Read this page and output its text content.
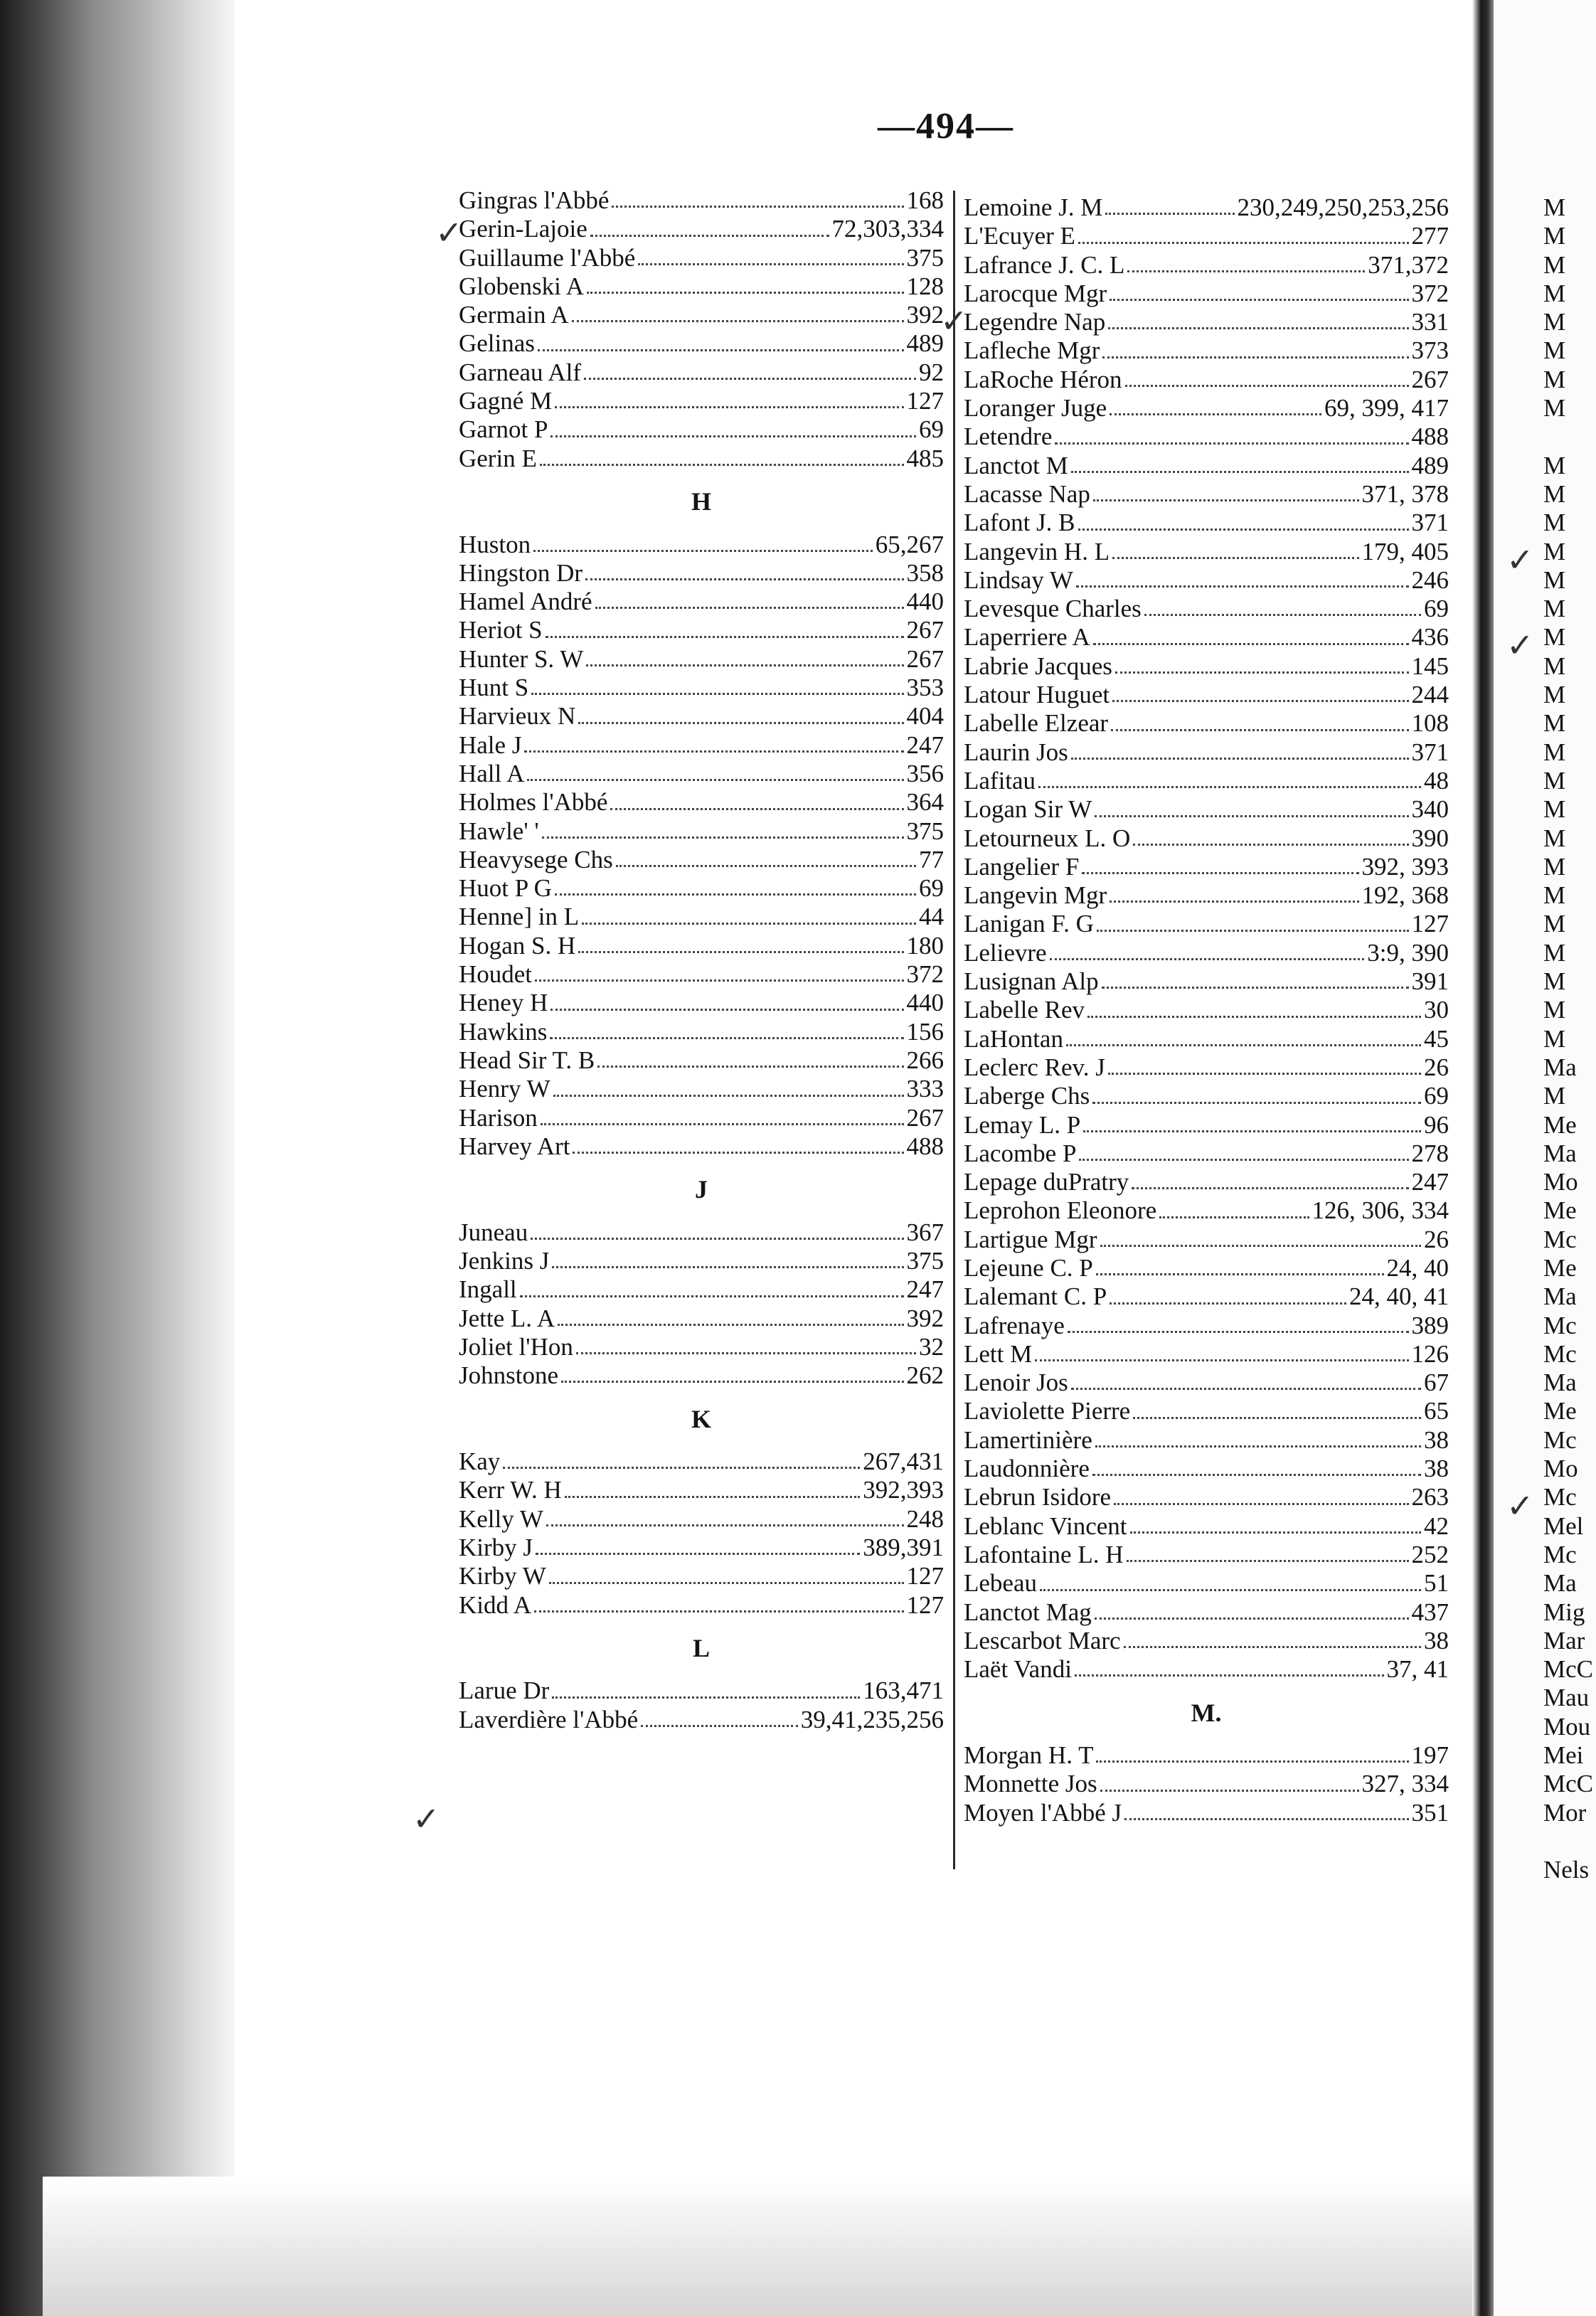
—494—
Gingras l'Abbé	168
Gerin-Lajoie	72,303,334
Guillaume l'Abbé	375
Globenski A	128
Germain A	392
Gelinas	489
Garneau Alf	92
Gagné M	127
Garnot P	69
Gerin E	485
H
Huston	65,267
Hingston Dr	358
Hamel André	440
Heriot S	267
Hunter S. W	267
Hunt S	353
Harvieux N	404
Hale J	247
Hall A	356
Holmes l'Abbé	364
Hawle' '	375
Heavysege Chs	77
Huot P G	69
Henne] in L	44
Hogan S. H	180
Houdet	372
Heney H	440
Hawkins	156
Head Sir T. B	266
Henry W	333
Harison	267
Harvey Art	488
J
Juneau	367
Jenkins J	375
Ingall	247
Jette L. A	392
Joliet l'Hon	32
Johnstone	262
K
Kay	267,431
Kerr W. H	392,393
Kelly W	248
Kirby J	389,391
Kirby W	127
Kidd A	127
L
Larue Dr	163,471
Laverdière l'Abbé	39,41,235,256
Lemoine J. M	230,249,250,253,256
L'Ecuyer E	277
Lafrance J. C. L	371,372
Larocque Mgr	372
Legendre Nap	331
Lafleche Mgr	373
LaRoche Héron	267
Loranger Juge	69, 399, 417
Letendre	488
Lanctot M	489
Lacasse Nap	371, 378
Lafont J. B	371
Langevin H. L	179, 405
Lindsay W	246
Levesque Charles	69
Laperriere A	436
Labrie Jacques	145
Latour Huguet	244
Labelle Elzear	108
Laurin Jos	371
Lafitau	48
Logan Sir W	340
Letourneux L. O	390
Langelier F	392, 393
Langevin Mgr	192, 368
Lanigan F. G	127
Lelievre	3:9, 390
Lusignan Alp	391
Labelle Rev	30
LaHontan	45
Leclerc Rev. J	26
Laberge Chs	69
Lemay L. P	96
Lacombe P	278
Lepage duPratry	247
Leprohon Eleonore	126, 306, 334
Lartigue Mgr	26
Lejeune C. P	24, 40
Lalemant C. P	24, 40, 41
Lafrenaye	389
Lett M	126
Lenoir Jos	67
Laviolette Pierre	65
Lamertinière	38
Laudonnière	38
Lebrun Isidore	263
Leblanc Vincent	42
Lafontaine L. H	252
Lebeau	51
Lanctot Mag	437
Lescarbot Marc	38
Laët Vandi	37, 41
M.
Morgan H. T	197
Monnette Jos	327, 334
Moyen l'Abbé J	351
M
M
M
M
M
M
M
M
M
M
M
M
M
M
M
M
M
M
M
M
M
M
M
M
M
M
M
M
M
Ma
M
Me
Ma
Mo
Me
Mc
Me
Ma
Mc
Mc
Ma
Me
Mc
Mo
Mc
Mel
Mc
Ma
Mig
Mar
McC
Mau
Mou
Mei
McC
Mor
Nels
✓
✓
✓
✓
✓
✓
